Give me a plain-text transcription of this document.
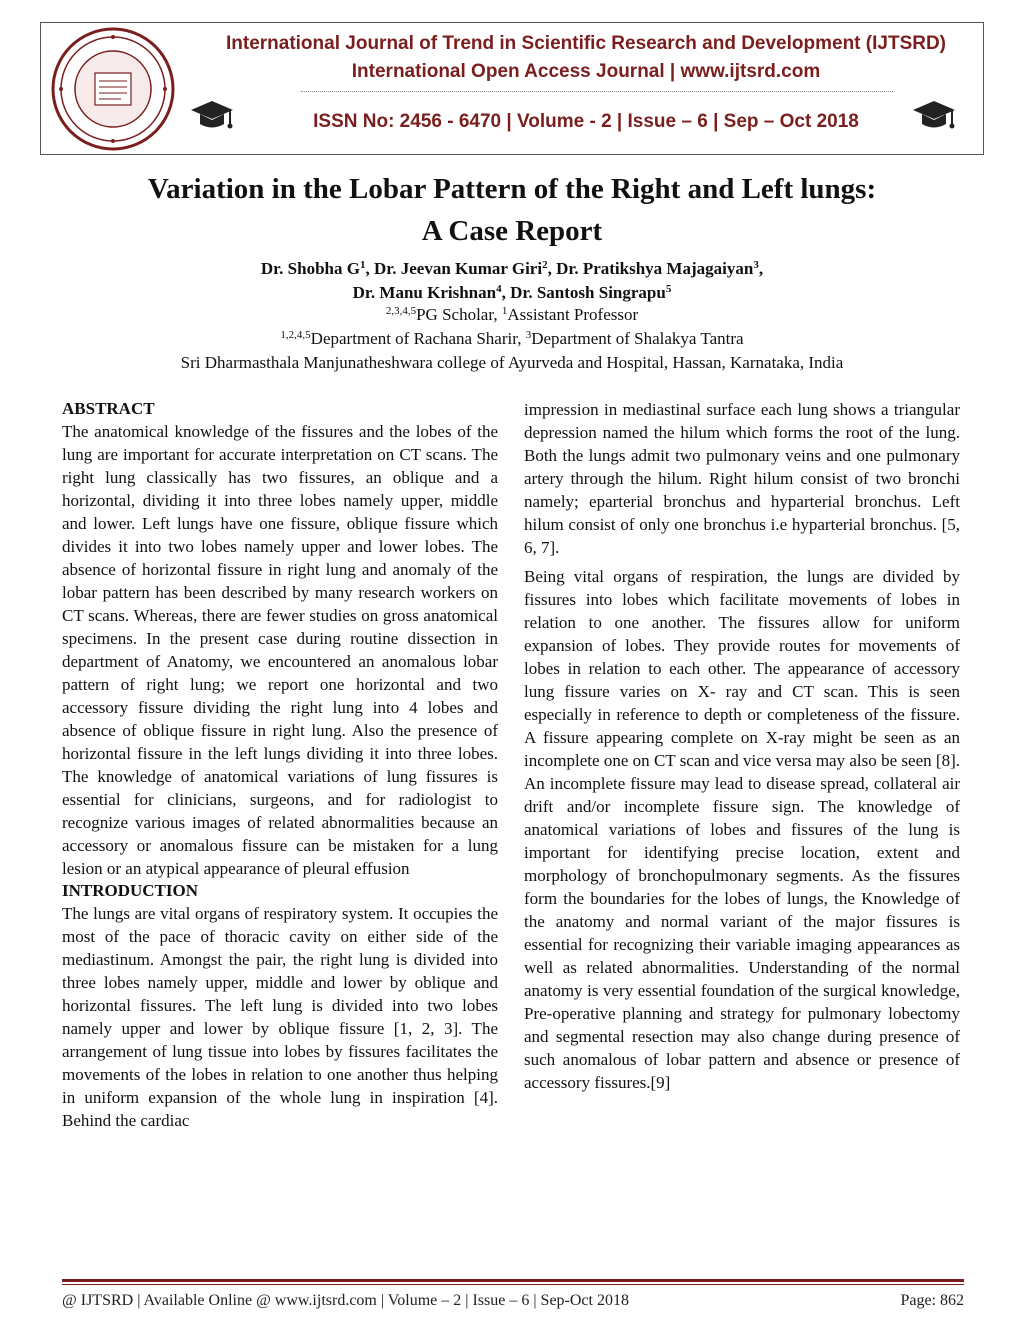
International Journal of Trend in Scientific Research and Development (IJTSRD)
International Open Access Journal | www.ijtsrd.com
ISSN No: 2456 - 6470 | Volume - 2 | Issue – 6 | Sep – Oct 2018
Variation in the Lobar Pattern of the Right and Left lungs:
A Case Report
Dr. Shobha $G^1$, Dr. Jeevan Kumar Giri$^2$, Dr. Pratikshya Majagaiyan$^3$,
Dr. Manu Krishnan$^4$, Dr. Santosh Singrapu$^5$
$^{2,3,4,5}$PG Scholar, $^1$Assistant Professor
$^{1,2,4,5}$Department of Rachana Sharir, $^3$Department of Shalakya Tantra
Sri Dharmasthala Manjunatheshwara college of Ayurveda and Hospital, Hassan, Karnataka, India

ABSTRACT

The anatomical knowledge of the fissures and the lobes of the lung are important for accurate interpretation on CT scans. The right lung classically has two fissures, an oblique and a horizontal, dividing it into three lobes namely upper, middle and lower. Left lungs have one fissure, oblique fissure which divides it into two lobes namely upper and lower lobes. The absence of horizontal fissure in right lung and anomaly of the lobar pattern has been described by many research workers on CT scans. Whereas, there are fewer studies on gross anatomical specimens. In the present case during routine dissection in department of Anatomy, we encountered an anomalous lobar pattern of right lung; we report one horizontal and two accessory fissure dividing the right lung into 4 lobes and absence of oblique fissure in right lung. Also the presence of horizontal fissure in the left lungs dividing it into three lobes. The knowledge of anatomical variations of lung fissures is essential for clinicians, surgeons, and for radiologist to recognize various images of related abnormalities because an accessory or anomalous fissure can be mistaken for a lung lesion or an atypical appearance of pleural effusion

INTRODUCTION

The lungs are vital organs of respiratory system. It occupies the most of the pace of thoracic cavity on either side of the mediastinum. Amongst the pair, the right lung is divided into three lobes namely upper, middle and lower by oblique and horizontal fissures. The left lung is divided into two lobes namely upper and lower by oblique fissure [1, 2, 3]. The arrangement of lung tissue into lobes by fissures facilitates the movements of the lobes in relation to one another thus helping in uniform expansion of the whole lung in inspiration [4]. Behind the cardiac

impression in mediastinal surface each lung shows a triangular depression named the hilum which forms the root of the lung. Both the lungs admit two pulmonary veins and one pulmonary artery through the hilum. Right hilum consist of two bronchi namely; eparterial bronchus and hyparterial bronchus. Left hilum consist of only one bronchus i.e hyparterial bronchus. [5, 6, 7].

Being vital organs of respiration, the lungs are divided by fissures into lobes which facilitate movements of lobes in relation to one another. The fissures allow for uniform expansion of lobes. They provide routes for movements of lobes in relation to each other. The appearance of accessory lung fissure varies on X- ray and CT scan. This is seen especially in reference to depth or completeness of the fissure. A fissure appearing complete on X-ray might be seen as an incomplete one on CT scan and vice versa may also be seen [8]. An incomplete fissure may lead to disease spread, collateral air drift and/or incomplete fissure sign. The knowledge of anatomical variations of lobes and fissures of the lung is important for identifying precise location, extent and morphology of bronchopulmonary segments. As the fissures form the boundaries for the lobes of lungs, the Knowledge of the anatomy and normal variant of the major fissures is essential for recognizing their variable imaging appearances as well as related abnormalities. Understanding of the normal anatomy is very essential foundation of the surgical knowledge, Pre-operative planning and strategy for pulmonary lobectomy and segmental resection may also change during presence of such anomalous of lobar pattern and absence or presence of accessory fissures.[9]

@ IJTSRD | Available Online @ www.ijtsrd.com | Volume – 2 | Issue – 6 | Sep-Oct 2018	Page: 862
